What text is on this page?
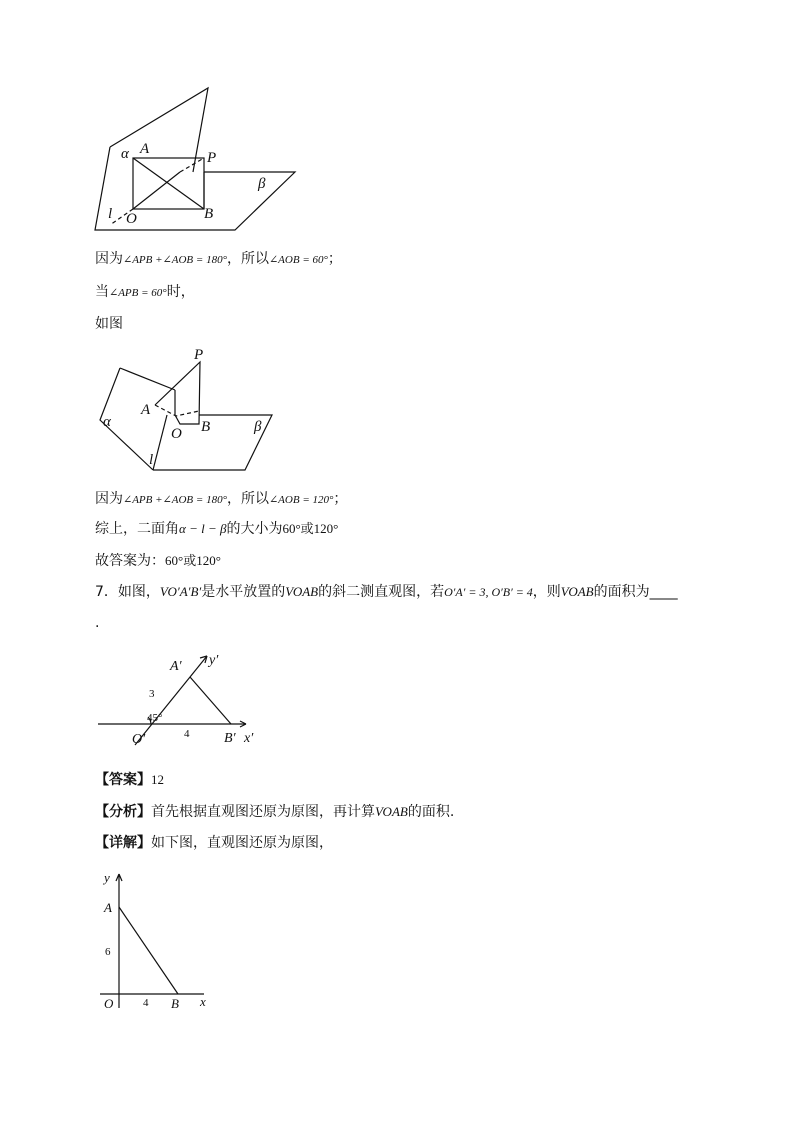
α A
P
β
l O	B
P
A
α
O B	β
l
A′ y′
3
45°
O′	4 B′ x′
y
A
6
O	4 B x
因为∠APB +∠AOB = 180°，所以∠AOB = 60°；
当∠APB = 60°时，
如图
因为∠APB +∠AOB = 180°，所以∠AOB = 120°；
综上，二面角α − l − β的大小为60°或120°
故答案为：60°或120°
7．如图，VO′A′B′是水平放置的VOAB的斜二测直观图，若O′A′ = 3, O′B′ = 4，则VOAB的面积为____
.
【答案】12
【分析】首先根据直观图还原为原图，再计算VOAB的面积.
【详解】如下图，直观图还原为原图，
